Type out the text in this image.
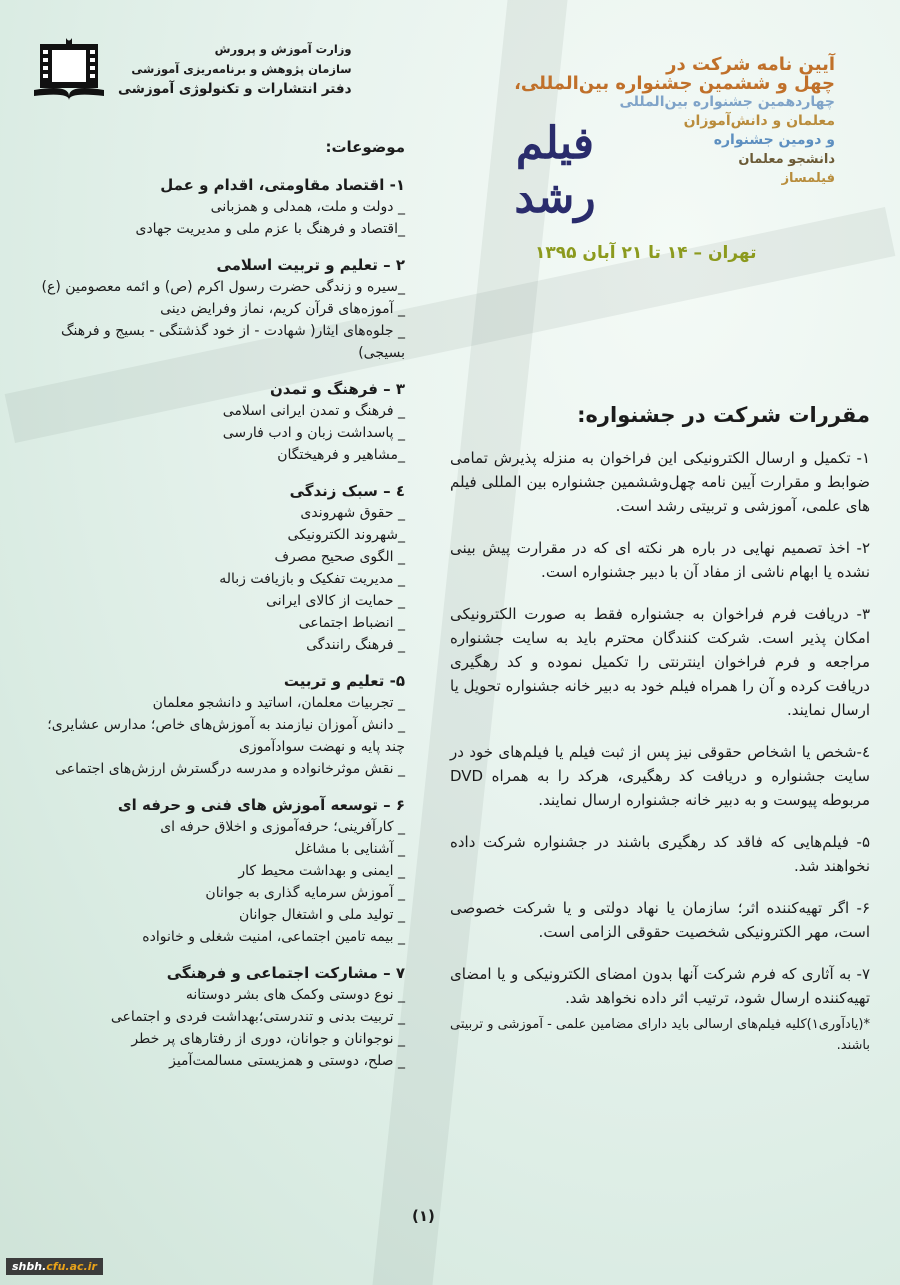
وزارت آموزش و پرورش
سازمان پژوهش و برنامه‌ریزی آموزشی
دفتر انتشارات و تکنولوژی آموزشی
فیلم رشد
آیین نامه شرکت در
چهل و ششمین جشنواره بین‌المللی،
چهاردهمین جشنواره بین‌المللی
معلمان و دانش‌آموزان
و دومین جشنواره
دانشجو معلمان
فیلمساز
تهران – ۱۴ تا ۲۱ آبان ۱۳۹۵
موضوعات:
۱- اقتصاد مقاومتی، اقدام و عمل
_ دولت و ملت، همدلی و همزبانی
_اقتصاد و فرهنگ با عزم ملی و مدیریت جهادی
۲ – تعلیم و تربیت اسلامی
_سیره و زندگی حضرت رسول اکرم (ص) و ائمه معصومین (ع)
_ آموزه‌های قرآن کریم، نماز وفرایض دینی
_ جلوه‌های ایثار( شهادت - از خود گذشتگی - بسیج و فرهنگ بسیجی)
۳ – فرهنگ و تمدن
_ فرهنگ و تمدن ایرانی اسلامی
_ پاسداشت زبان و ادب فارسی
_مشاهیر و فرهیختگان
٤ – سبک زندگی
_ حقوق شهروندی
_شهروند الکترونیکی
_ الگوی صحیح مصرف
_ مدیریت تفکیک و بازیافت زباله
_ حمایت از کالای ایرانی
_ انضباط اجتماعی
_ فرهنگ رانندگی
۵- تعلیم و تربیت
_ تجربیات معلمان، اساتید و دانشجو معلمان
_ دانش آموزان نیازمند به آموزش‌های خاص؛ مدارس عشایری؛ چند پایه و نهضت سوادآموزی
_ نقش موثرخانواده و مدرسه درگسترش ارزش‌های اجتماعی
۶ – توسعه آموزش های فنی و حرفه ای
_ کارآفرینی؛ حرفه‌آموزی و اخلاق حرفه ای
_ آشنایی با مشاغل
_ ایمنی و بهداشت محیط کار
_ آموزش سرمایه گذاری به جوانان
_ تولید ملی و اشتغال جوانان
_ بیمه تامین اجتماعی، امنیت شغلی و خانواده
۷ – مشارکت اجتماعی و فرهنگی
_ نوع دوستی وکمک های بشر دوستانه
_ تربیت بدنی و تندرستی؛بهداشت فردی و اجتماعی
_ نوجوانان و جوانان، دوری از رفتارهای پر خطر
_ صلح، دوستی و همزیستی مسالمت‌آمیز
مقررات شرکت در جشنواره:
۱- تکمیل و ارسال الکترونیکی این فراخوان به منزله پذیرش تمامی ضوابط و مقرارت آیین نامه چهل‌و‌ششمین جشنواره بین المللی فیلم های علمی، آموزشی و تربیتی رشد است.
۲- اخذ تصمیم نهایی در باره هر نکته ای که در مقرارت پیش بینی نشده یا ابهام ناشی از مفاد آن با دبیر جشنواره است.
۳- دریافت فرم فراخوان به جشنواره فقط به صورت الکترونیکی امکان پذیر است. شرکت کنندگان محترم باید به سایت جشنواره مراجعه و فرم فراخوان اینترنتی را تکمیل نموده و کد رهگیری دریافت کرده و آن را همراه فیلم خود به دبیر خانه جشنواره تحویل یا ارسال نمایند.
٤-شخص یا اشخاص حقوقی نیز پس از ثبت فیلم یا فیلم‌های خود در سایت جشنواره و دریافت کد رهگیری، هرکد را به همراه DVD مربوطه پیوست و به دبیر خانه جشنواره ارسال نمایند.
۵- فیلم‌هایی که فاقد کد رهگیری باشند در جشنواره شرکت داده نخواهند شد.
۶- اگر تهیه‌کننده اثر؛ سازمان یا نهاد دولتی و یا شرکت خصوصی است، مهر الکترونیکی شخصیت حقوقی الزامی است.
۷- به آثاری که فرم شرکت آنها بدون امضای الکترونیکی و یا امضای تهیه‌کننده ارسال شود، ترتیب اثر داده نخواهد شد.
*(یادآوری۱)کلیه فیلم‌های ارسالی باید دارای مضامین علمی - آموزشی و تربیتی باشند.
(۱)
shbh.cfu.ac.ir
